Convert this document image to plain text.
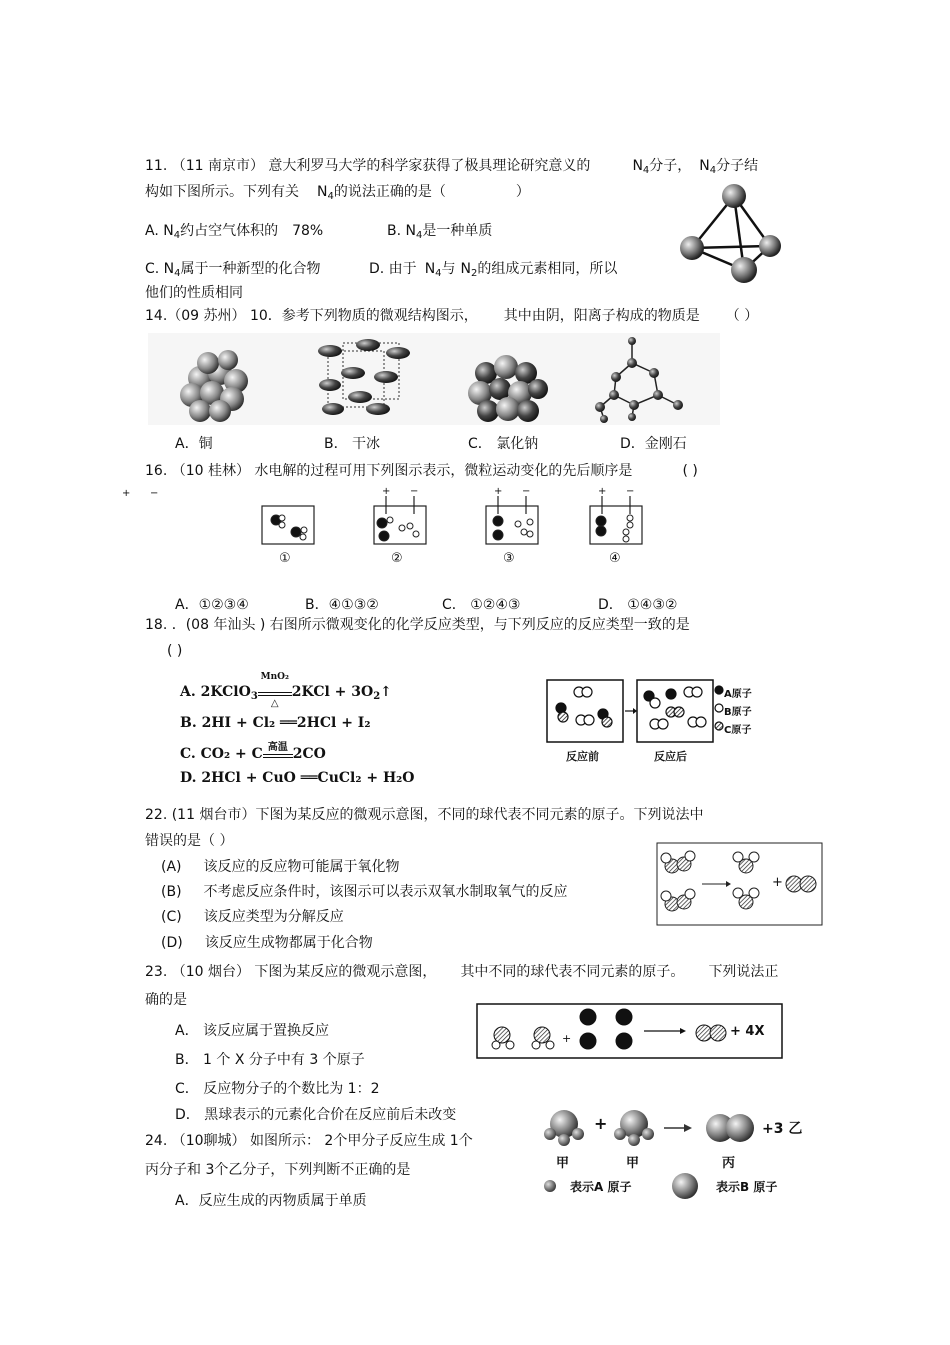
11. （11 南京市） 意大利罗马大学的科学家获得了极具理论研究意义的	$N_4$分子， $N_4$分子结
构如下图所示。下列有关 $N_4$的说法正确的是（	）
A. $N_4$约占空气体积的 78%	B. $N_4$是一种单质
C. $N_4$属于一种新型的化合物	D. 由于 $N_4$与 $N_2$的组成元素相同，所以
他们的性质相同
14.（09 苏州） 10．参考下列物质的微观结构图示， 其中由阴，阳离子构成的物质是 （ ）
A．铜	B． 干冰	C． 氯化钠	D．金刚石
16. （10 桂林） 水电解的过程可用下列图示表示，微粒运动变化的先后顺序是	( )
+ −	+ −	+ −	+ −
①	②	③	④
A．①②③④	B．④①③②	C． ①②④③	D． ①④③②
18. ．(08 年汕头 ) 右图所示微观变化的化学反应类型，与下列反应的反应类型一致的是
( )
A. 2KClO$_3$
MnO₂
△
$2KCl + 3O_2↑$
B. 2HI + Cl₂ ══2HCl + I₂
C. CO₂ + C 高温 2CO
D. 2HCl + CuO ══CuCl₂ + H₂O
A原子
B原子
C原子
反应前	反应后
22. (11 烟台市）下图为某反应的微观示意图，不同的球代表不同元素的原子。下列说法中
错误的是（ ）
(A) 该反应的反应物可能属于氧化物
(B) 不考虑反应条件时，该图示可以表示双氧水制取氧气的反应
(C) 该反应类型为分解反应
(D) 该反应生成物都属于化合物
+
23. （10 烟台） 下图为某反应的微观示意图， 其中不同的球代表不同元素的原子。 下列说法正
确的是
A． 该反应属于置换反应
B． 1 个 X 分子中有 3 个原子
C． 反应物分子的个数比为 1：2
D． 黑球表示的元素化合价在反应前后未改变
+	+ 4X
24. （10聊城） 如图所示： 2个甲分子反应生成 1个
丙分子和 3个乙分子，下列判断不正确的是
A．反应生成的丙物质属于单质
+	+3 乙
甲	甲	丙
表示A 原子	表示B 原子
